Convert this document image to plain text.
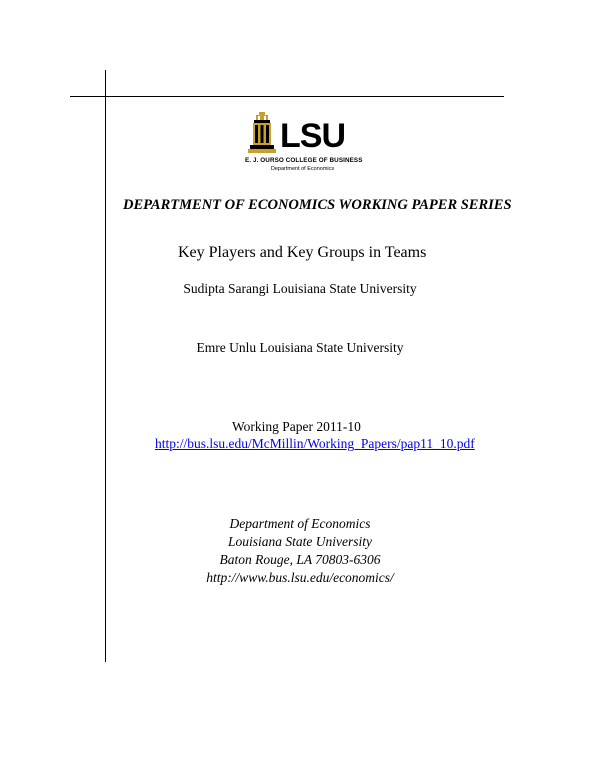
LSU
E. J. OURSO COLLEGE OF BUSINESS
Department of Economics
DEPARTMENT OF ECONOMICS WORKING PAPER SERIES
Key Players and Key Groups in Teams
Sudipta Sarangi Louisiana State University
Emre Unlu Louisiana State University
Working Paper 2011-10
http://bus.lsu.edu/McMillin/Working_Papers/pap11_10.pdf
Department of Economics
Louisiana State University
Baton Rouge, LA 70803-6306
http://www.bus.lsu.edu/economics/
